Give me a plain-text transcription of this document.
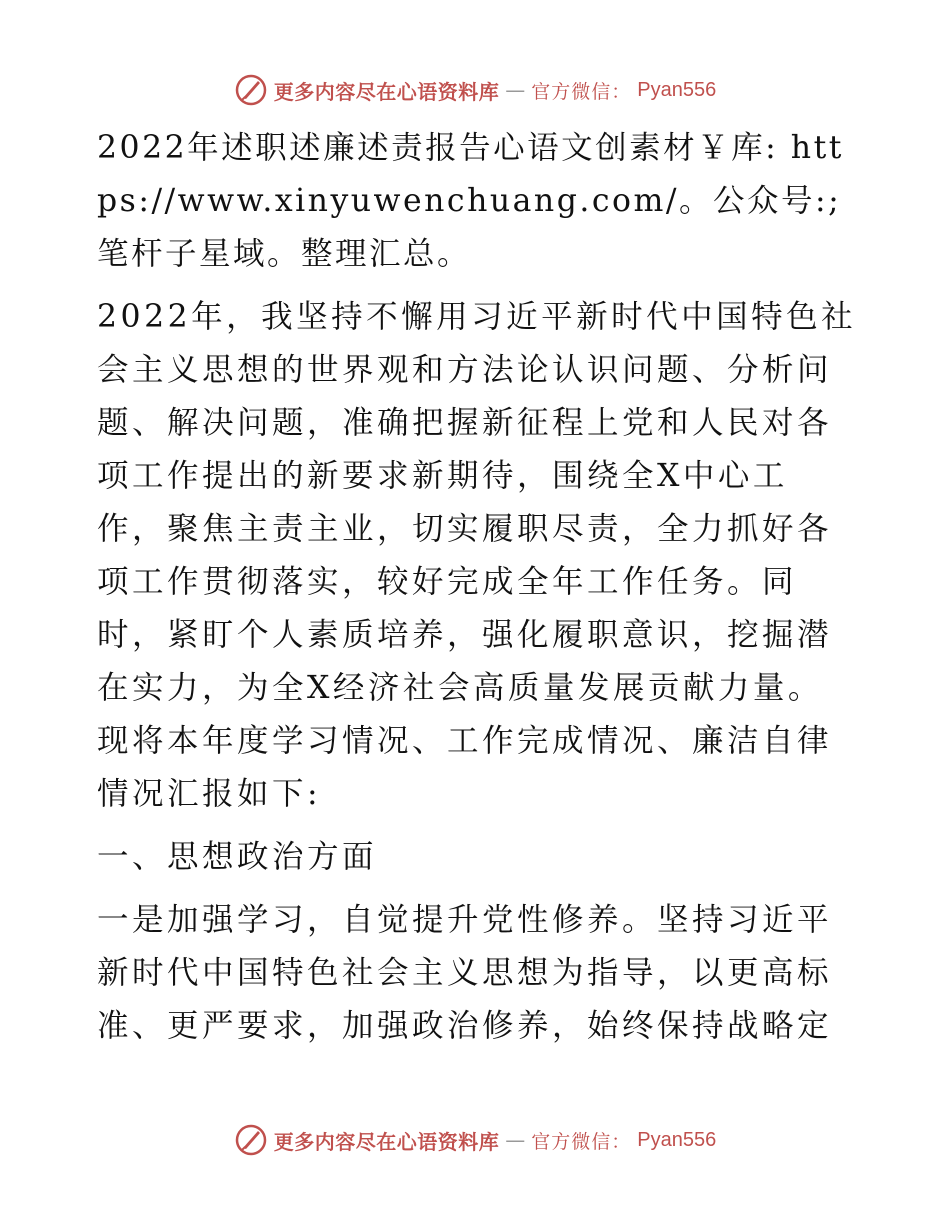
更多内容尽在心语资料库 — 官方微信： Pyan556

2022年述职述廉述责报告心语文创素材￥库: https://www.xinyuwenchuang.com/。公众号:;笔杆子星域。整理汇总。

2022年，我坚持不懈用习近平新时代中国特色社会主义思想的世界观和方法论认识问题、分析问题、解决问题，准确把握新征程上党和人民对各项工作提出的新要求新期待，围绕全X中心工作，聚焦主责主业，切实履职尽责，全力抓好各项工作贯彻落实，较好完成全年工作任务。同时，紧盯个人素质培养，强化履职意识，挖掘潜在实力，为全X经济社会高质量发展贡献力量。现将本年度学习情况、工作完成情况、廉洁自律情况汇报如下:

一、思想政治方面

一是加强学习，自觉提升党性修养。坚持习近平新时代中国特色社会主义思想为指导，以更高标准、更严要求，加强政治修养，始终保持战略定

更多内容尽在心语资料库 — 官方微信： Pyan556
